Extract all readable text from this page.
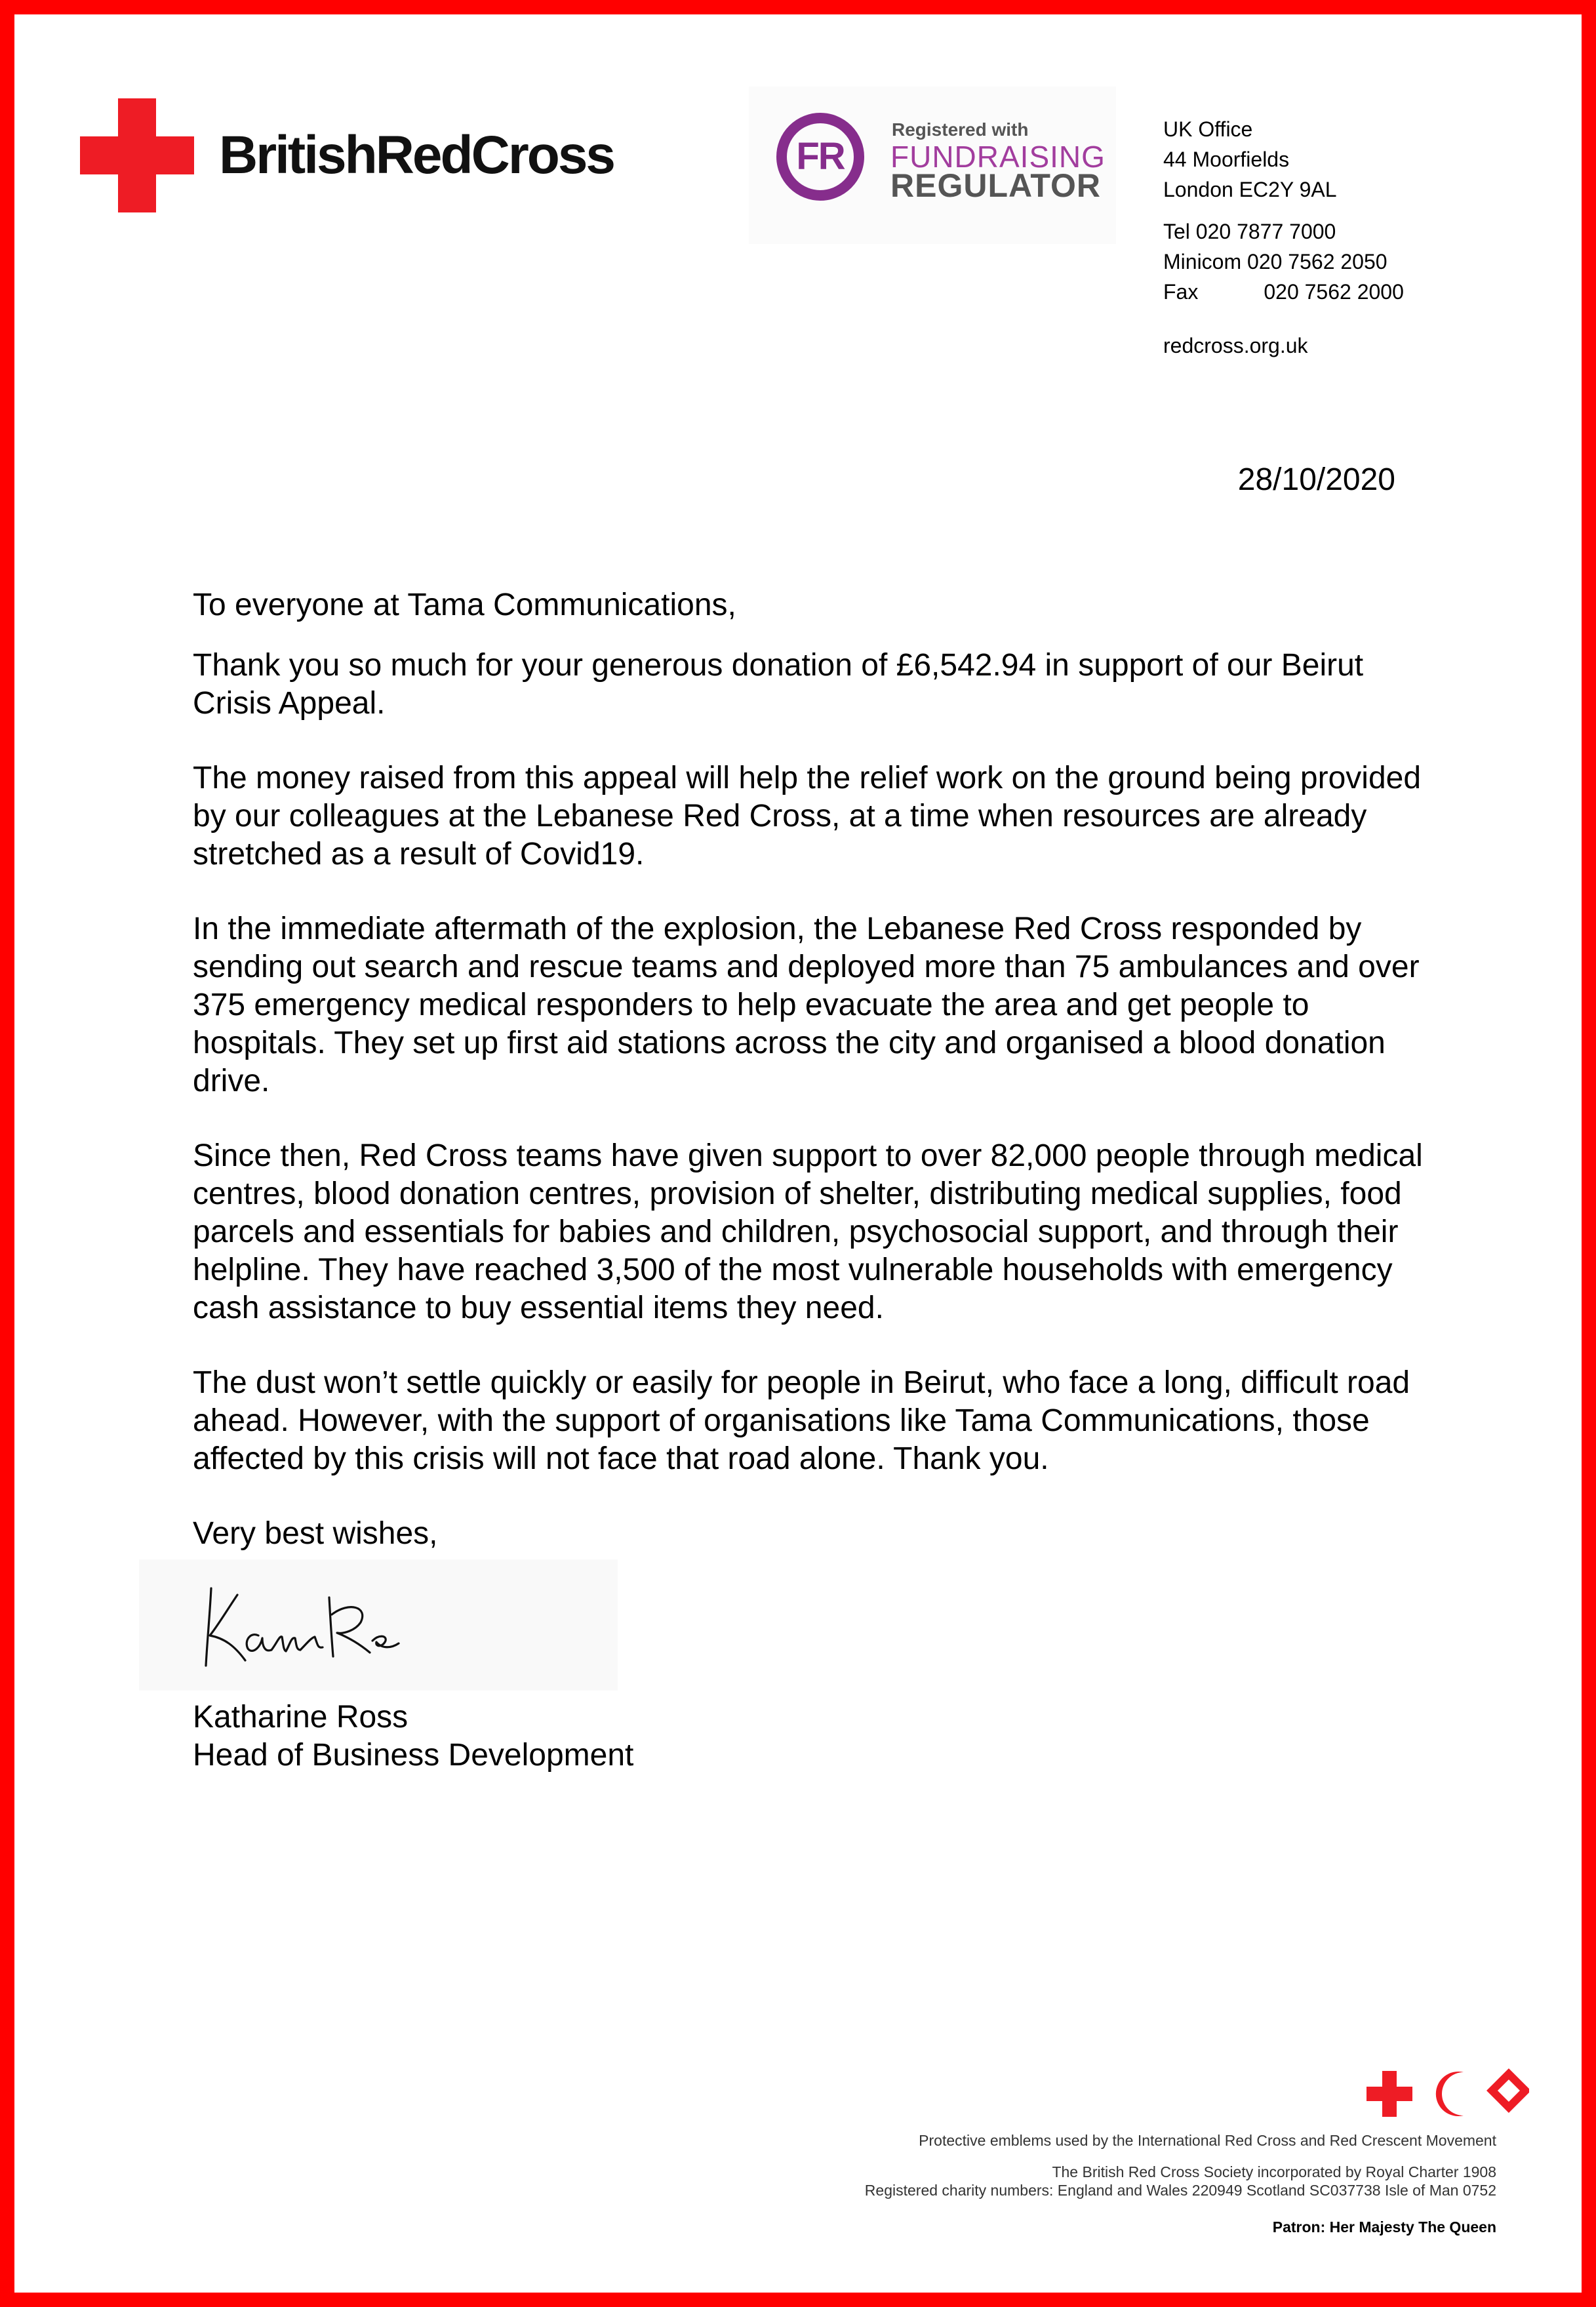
BritishRedCross	FR
Registered with
FUNDRAISING
REGULATOR
UK Office
44 Moorfields
London EC2Y 9AL
Tel 020 7877 7000
Minicom 020 7562 2050
Fax	020 7562 2000
redcross.org.uk
28/10/2020

To everyone at Tama Communications,

Thank you so much for your generous donation of £6,542.94 in support of our Beirut Crisis Appeal.

The money raised from this appeal will help the relief work on the ground being provided by our colleagues at the Lebanese Red Cross, at a time when resources are already stretched as a result of Covid19.

In the immediate aftermath of the explosion, the Lebanese Red Cross responded by sending out search and rescue teams and deployed more than 75 ambulances and over 375 emergency medical responders to help evacuate the area and get people to hospitals. They set up first aid stations across the city and organised a blood donation drive.

Since then, Red Cross teams have given support to over 82,000 people through medical centres, blood donation centres, provision of shelter, distributing medical supplies, food parcels and essentials for babies and children, psychosocial support, and through their helpline. They have reached 3,500 of the most vulnerable households with emergency cash assistance to buy essential items they need.

The dust won’t settle quickly or easily for people in Beirut, who face a long, difficult road ahead. However, with the support of organisations like Tama Communications, those affected by this crisis will not face that road alone. Thank you.

Very best wishes,

Katharine Ross
Head of Business Development
Protective emblems used by the International Red Cross and Red Crescent Movement
The British Red Cross Society incorporated by Royal Charter 1908
Registered charity numbers: England and Wales 220949 Scotland SC037738 Isle of Man 0752
Patron: Her Majesty The Queen
